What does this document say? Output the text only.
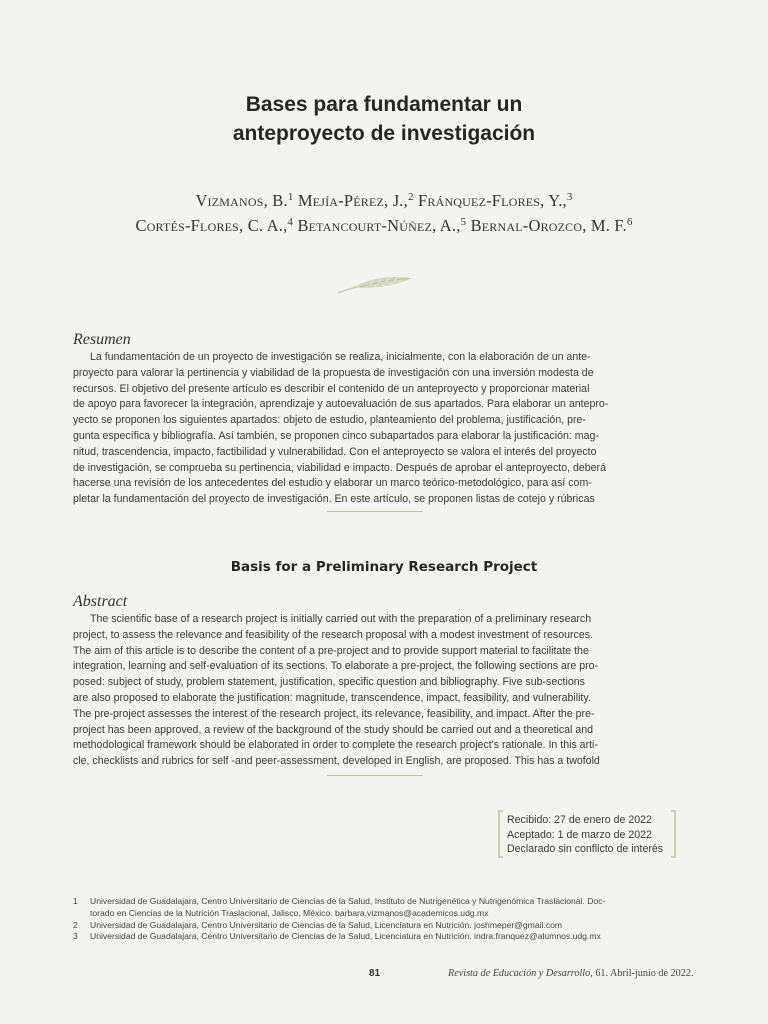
Bases para fundamentar un
anteproyecto de investigación
Vizmanos, B.$^1$ Mejía-Pérez, J.,$^2$ Fránquez-Flores, Y.,$^3$
Cortés-Flores, C. A.,$^4$ Betancourt-Núñez, A.,$^5$ Bernal-Orozco, M. F.$^6$
Resumen
La fundamentación de un proyecto de investigación se realiza, inicialmente, con la elaboración de un ante-
proyecto para valorar la pertinencia y viabilidad de la propuesta de investigación con una inversión modesta de
recursos. El objetivo del presente artículo es describir el contenido de un anteproyecto y proporcionar material
de apoyo para favorecer la integración, aprendizaje y autoevaluación de sus apartados. Para elaborar un antepro-
yecto se proponen los siguientes apartados: objeto de estudio, planteamiento del problema, justificación, pre-
gunta específica y bibliografía. Así también, se proponen cinco subapartados para elaborar la justificación: mag-
nitud, trascendencia, impacto, factibilidad y vulnerabilidad. Con el anteproyecto se valora el interés del proyecto
de investigación, se comprueba su pertinencia, viabilidad e impacto. Después de aprobar el anteproyecto, deberá
hacerse una revisión de los antecedentes del estudio y elaborar un marco teórico-metodológico, para así com-
pletar la fundamentación del proyecto de investigación. En este artículo, se proponen listas de cotejo y rúbricas
Basis for a Preliminary Research Project
Abstract
The scientific base of a research project is initially carried out with the preparation of a preliminary research
project, to assess the relevance and feasibility of the research proposal with a modest investment of resources.
The aim of this article is to describe the content of a pre-project and to provide support material to facilitate the
integration, learning and self-evaluation of its sections. To elaborate a pre-project, the following sections are pro-
posed: subject of study, problem statement, justification, specific question and bibliography. Five sub-sections
are also proposed to elaborate the justification: magnitude, transcendence, impact, feasibility, and vulnerability.
The pre-project assesses the interest of the research project, its relevance, feasibility, and impact. After the pre-
project has been approved, a review of the background of the study should be carried out and a theoretical and
methodological framework should be elaborated in order to complete the research project's rationale. In this arti-
cle, checklists and rubrics for self -and peer-assessment, developed in English, are proposed. This has a twofold
Recibido: 27 de enero de 2022
Aceptado: 1 de marzo de 2022
Declarado sin conflicto de interés
1 Universidad de Guadalajara, Centro Universitario de Ciencias de la Salud, Instituto de Nutrigenética y Nutrigenómica Traslacional. Doc-
torado en Ciencias de la Nutrición Traslacional, Jalisco, México. barbara.vizmanos@academicos.udg.mx
2 Universidad de Guadalajara, Centro Universitario de Ciencias de la Salud, Licenciatura en Nutrición. joshmeper@gmail.com
3 Universidad de Guadalajara, Centro Universitario de Ciencias de la Salud, Licenciatura en Nutrición. indra.franquez@alumnos.udg.mx
81	Revista de Educación y Desarrollo, 61. Abril-junio de 2022.
